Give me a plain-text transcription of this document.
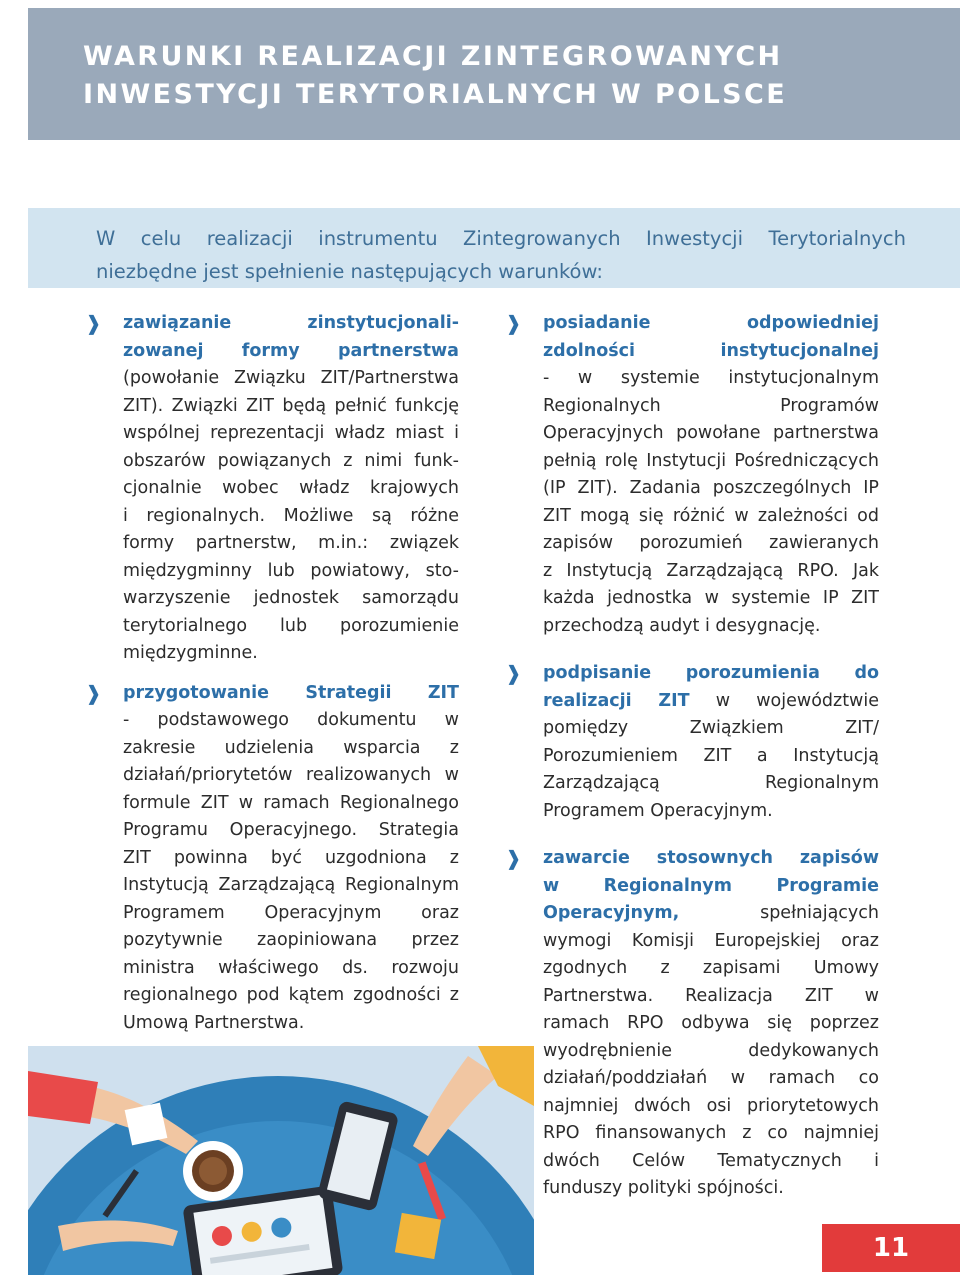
WARUNKI REALIZACJI ZINTEGROWANYCH
INWESTYCJI TERYTORIALNYCH W POLSCE

W celu realizacji instrumentu Zintegrowanych Inwestycji Terytorialnych
niezbędne jest spełnienie następujących warunków:

❱ zawiązanie zinstytucjonali-
zowanej formy partnerstwa
(powołanie Związku ZIT/Partnerstwa
ZIT). Związki ZIT będą pełnić funkcję
wspólnej reprezentacji władz miast i
obszarów powiązanych z nimi funk-
cjonalnie wobec władz krajowych
i regionalnych. Możliwe są różne
formy partnerstw, m.in.: związek
międzygminny lub powiatowy, sto-
warzyszenie jednostek samorządu
terytorialnego lub porozumienie
międzygminne.
❱ przygotowanie Strategii ZIT
- podstawowego dokumentu w
zakresie udzielenia wsparcia z
działań/priorytetów realizowanych w
formule ZIT w ramach Regionalnego
Programu Operacyjnego. Strategia
ZIT powinna być uzgodniona z
Instytucją Zarządzającą Regionalnym
Programem Operacyjnym oraz
pozytywnie zaopiniowana przez
ministra właściwego ds. rozwoju
regionalnego pod kątem zgodności z
Umową Partnerstwa.
❱ posiadanie odpowiedniej
zdolności instytucjonalnej
- w systemie instytucjonalnym
Regionalnych Programów
Operacyjnych powołane partnerstwa
pełnią rolę Instytucji Pośredniczących
(IP ZIT). Zadania poszczególnych IP
ZIT mogą się różnić w zależności od
zapisów porozumień zawieranych
z Instytucją Zarządzającą RPO. Jak
każda jednostka w systemie IP ZIT
przechodzą audyt i desygnację.
❱ podpisanie porozumienia do
realizacji ZIT w województwie
pomiędzy Związkiem ZIT/
Porozumieniem ZIT a Instytucją
Zarządzającą Regionalnym
Programem Operacyjnym.
❱ zawarcie stosownych zapisów
w Regionalnym Programie
Operacyjnym,	spełniających
wymogi Komisji Europejskiej oraz
zgodnych z zapisami Umowy
Partnerstwa. Realizacja ZIT w
ramach RPO odbywa się poprzez
wyodrębnienie dedykowanych
działań/poddziałań w ramach co
najmniej dwóch osi priorytetowych
RPO finansowanych z co najmniej
dwóch Celów Tematycznych i
funduszy polityki spójności.
11
